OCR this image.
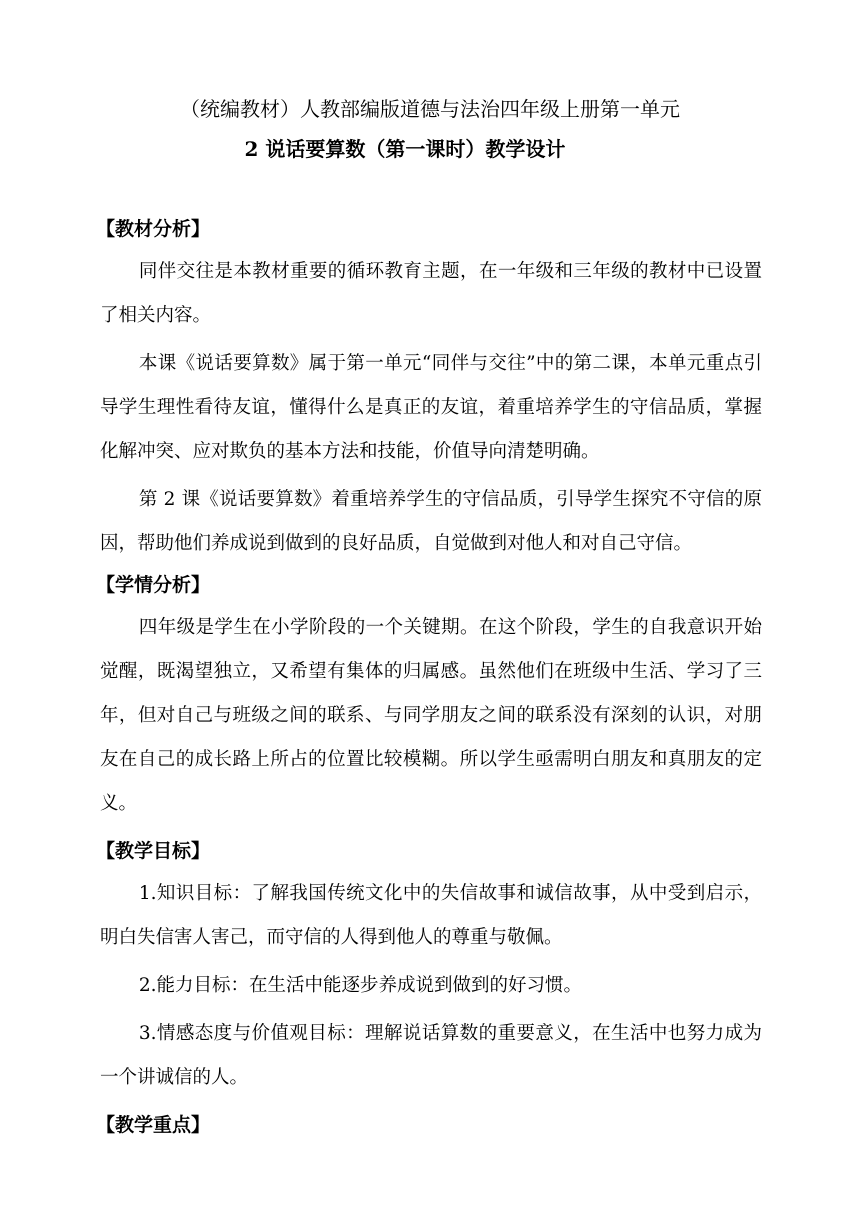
（统编教材）人教部编版道德与法治四年级上册第一单元
2 说话要算数（第一课时）教学设计
【教材分析】
同伴交往是本教材重要的循环教育主题，在一年级和三年级的教材中已设置了相关内容。
本课《说话要算数》属于第一单元“同伴与交往”中的第二课，本单元重点引导学生理性看待友谊，懂得什么是真正的友谊，着重培养学生的守信品质，掌握化解冲突、应对欺负的基本方法和技能，价值导向清楚明确。
第 2 课《说话要算数》着重培养学生的守信品质，引导学生探究不守信的原因，帮助他们养成说到做到的良好品质，自觉做到对他人和对自己守信。
【学情分析】
四年级是学生在小学阶段的一个关键期。在这个阶段，学生的自我意识开始觉醒，既渴望独立，又希望有集体的归属感。虽然他们在班级中生活、学习了三年，但对自己与班级之间的联系、与同学朋友之间的联系没有深刻的认识，对朋友在自己的成长路上所占的位置比较模糊。所以学生亟需明白朋友和真朋友的定义。
【教学目标】
1.知识目标：了解我国传统文化中的失信故事和诚信故事，从中受到启示，明白失信害人害己，而守信的人得到他人的尊重与敬佩。
2.能力目标：在生活中能逐步养成说到做到的好习惯。
3.情感态度与价值观目标：理解说话算数的重要意义，在生活中也努力成为一个讲诚信的人。
【教学重点】
